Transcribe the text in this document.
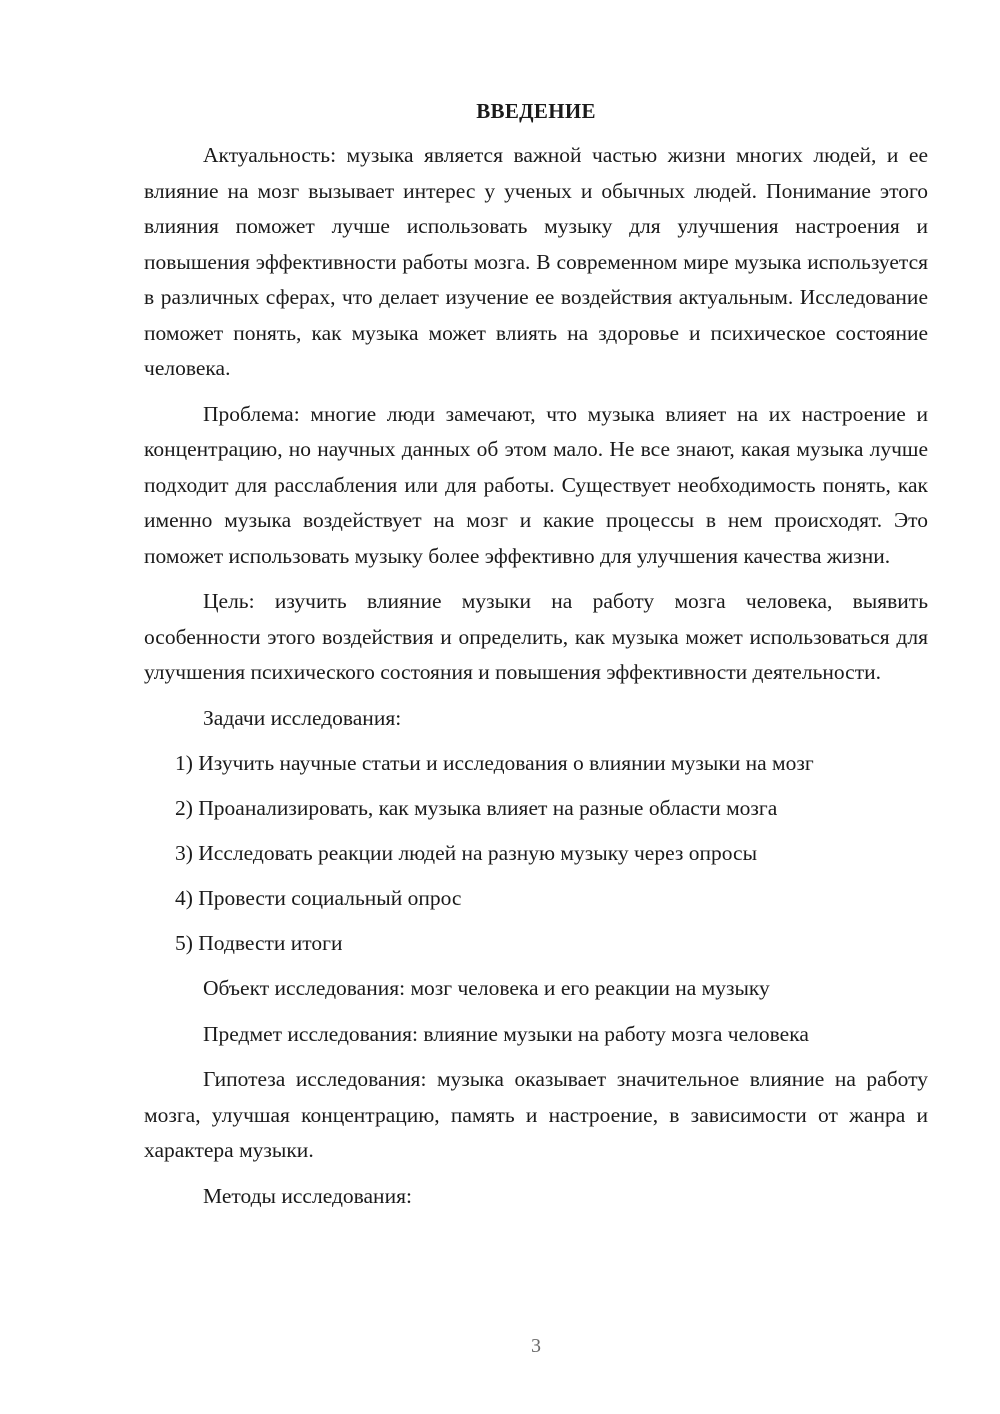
ВВЕДЕНИЕ

Актуальность: музыка является важной частью жизни многих людей, и ее влияние на мозг вызывает интерес у ученых и обычных людей. Понимание этого влияния поможет лучше использовать музыку для улучшения настроения и повышения эффективности работы мозга. В современном мире музыка используется в различных сферах, что делает изучение ее воздействия актуальным. Исследование поможет понять, как музыка может влиять на здоровье и психическое состояние человека.

Проблема: многие люди замечают, что музыка влияет на их настроение и концентрацию, но научных данных об этом мало. Не все знают, какая музыка лучше подходит для расслабления или для работы. Существует необходимость понять, как именно музыка воздействует на мозг и какие процессы в нем происходят. Это поможет использовать музыку более эффективно для улучшения качества жизни.

Цель: изучить влияние музыки на работу мозга человека, выявить особенности этого воздействия и определить, как музыка может использоваться для улучшения психического состояния и повышения эффективности деятельности.

Задачи исследования:

1) Изучить научные статьи и исследования о влиянии музыки на мозг

2) Проанализировать, как музыка влияет на разные области мозга

3) Исследовать реакции людей на разную музыку через опросы

4) Провести социальный опрос

5) Подвести итоги

Объект исследования: мозг человека и его реакции на музыку

Предмет исследования: влияние музыки на работу мозга человека

Гипотеза исследования: музыка оказывает значительное влияние на работу мозга, улучшая концентрацию, память и настроение, в зависимости от жанра и характера музыки.

Методы исследования:

3
